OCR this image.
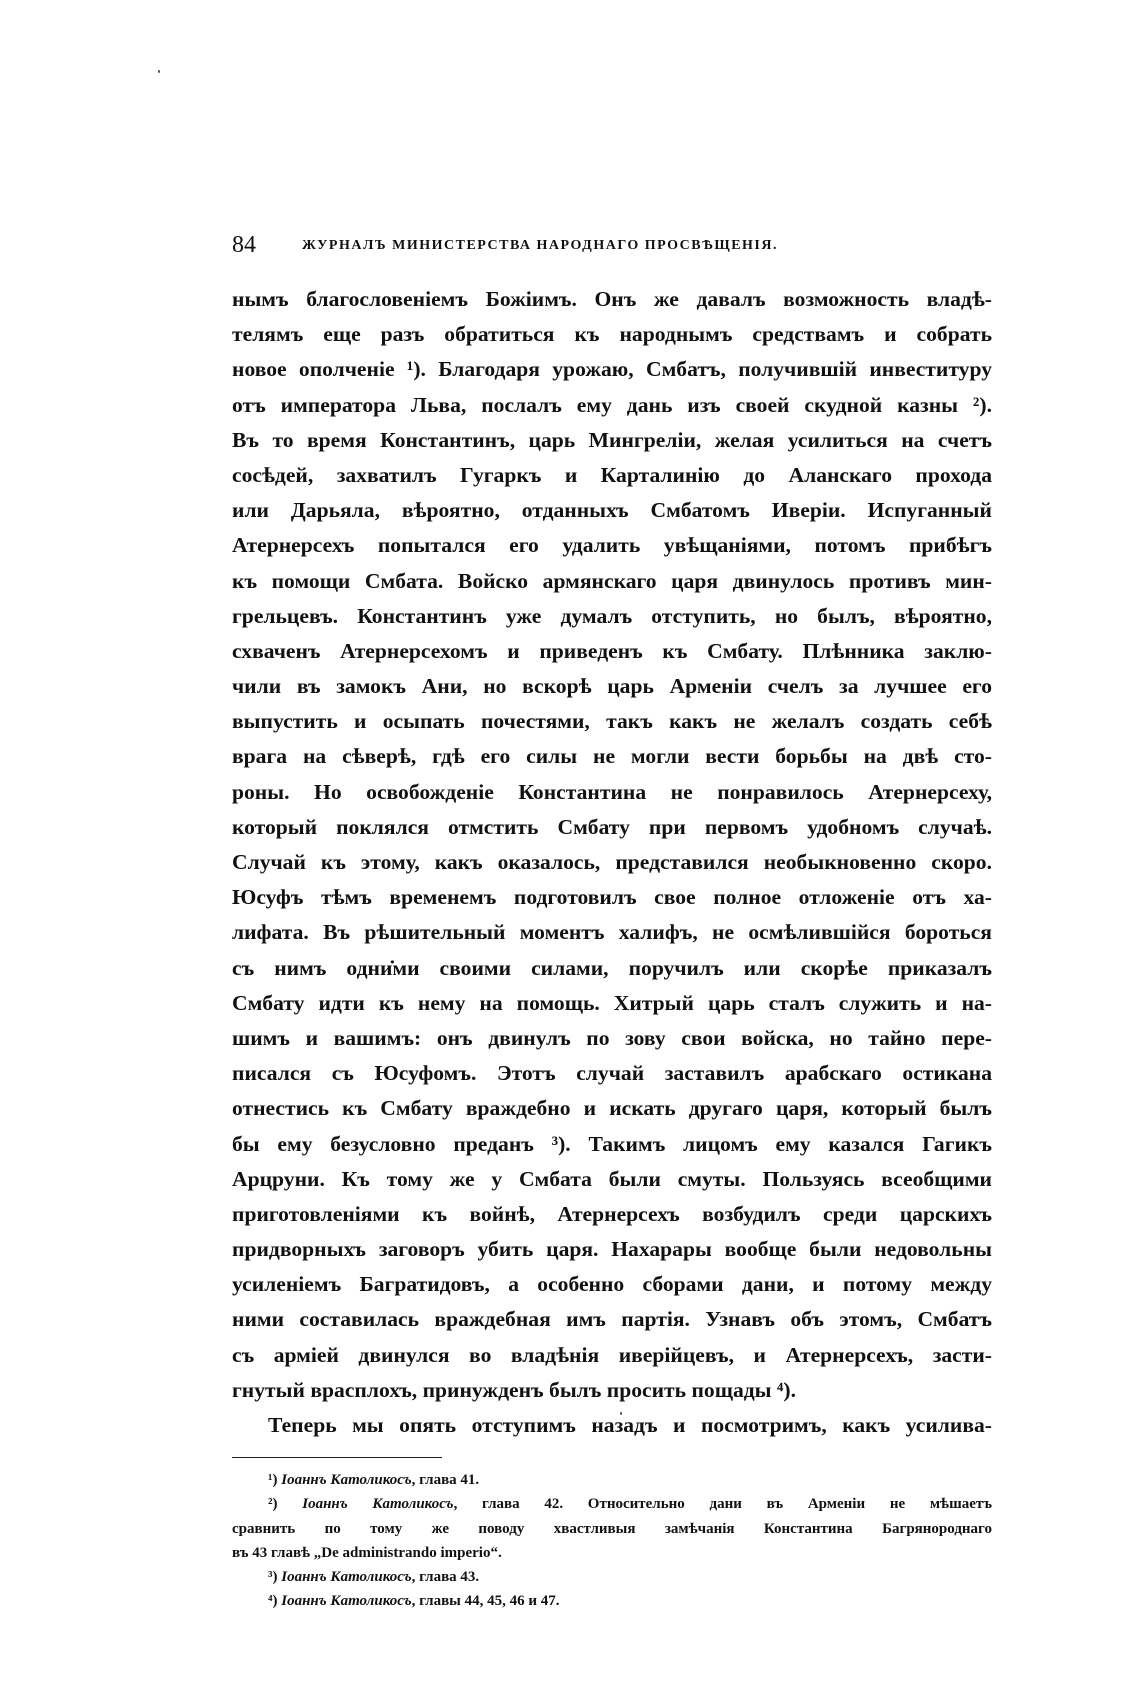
84	ЖУРНАЛЪ МИНИСТЕРСТВА НАРОДНАГО ПРОСВѢЩЕНІЯ.
нымъ благословеніемъ Божіимъ. Онъ же давалъ возможность владѣ-
телямъ еще разъ обратиться къ народнымъ средствамъ и собрать
новое ополченіе ¹). Благодаря урожаю, Смбатъ, получившій инвеституру
отъ императора Льва, послалъ ему дань изъ своей скудной казны ²).
Въ то время Константинъ, царь Мингреліи, желая усилиться на счетъ
сосѣдей, захватилъ Гугаркъ и Карталинію до Аланскаго прохода
или Дарьяла, вѣроятно, отданныхъ Смбатомъ Иверіи. Испуганный
Атернерсехъ попытался его удалить увѣщаніями, потомъ прибѣгъ
къ помощи Смбата. Войско армянскаго царя двинулось противъ мин-
грельцевъ. Константинъ уже думалъ отступить, но былъ, вѣроятно,
схваченъ Атернерсехомъ и приведенъ къ Смбату. Плѣнника заклю-
чили въ замокъ Ани, но вскорѣ царь Арменіи счелъ за лучшее его
выпустить и осыпать почестями, такъ какъ не желалъ создать себѣ
врага на сѣверѣ, гдѣ его силы не могли вести борьбы на двѣ сто-
роны. Но освобожденіе Константина не понравилось Атернерсеху,
который поклялся отмстить Смбату при первомъ удобномъ случаѣ.
Случай къ этому, какъ оказалось, представился необыкновенно скоро.
Юсуфъ тѣмъ временемъ подготовилъ свое полное отложеніе отъ ха-
лифата. Въ рѣшительный моментъ халифъ, не осмѣлившійся бороться
съ нимъ одни̇ми своими силами, поручилъ или скорѣе приказалъ
Смбату идти къ нему на помощь. Хитрый царь сталъ служить и на-
шимъ и вашимъ: онъ двинулъ по зову свои войска, но тайно пере-
писался съ Юсуфомъ. Этотъ случай заставилъ арабскаго остикана
отнестись къ Смбату враждебно и искать другаго царя, который былъ
бы ему безусловно преданъ ³). Такимъ лицомъ ему казался Гагикъ
Арцруни. Къ тому же у Смбата были смуты. Пользуясь всеобщими
приготовленіями къ войнѣ, Атернерсехъ возбудилъ среди царскихъ
придворныхъ заговоръ убить царя. Нахарары вообще были недовольны
усиленіемъ Багратидовъ, а особенно сборами дани, и потому между
ними составилась враждебная имъ партія. Узнавъ объ этомъ, Смбатъ
съ арміей двинулся во владѣнія иверійцевъ, и Атернерсехъ, засти-
гнутый врасплохъ, принужденъ былъ просить пощады ⁴).
Теперь мы опять отступимъ назадъ и посмотримъ, какъ усилива-
¹) Іоаннъ Католикосъ, глава 41.
²) Іоаннъ Католикосъ, глава 42. Относительно дани въ Арменіи не мѣшаетъ
сравнить по тому же поводу хвастливыя замѣчанія Константина Багрянороднаго
въ 43 главѣ „De administrando imperio“.
³) Іоаннъ Католикосъ, глава 43.
⁴) Іоаннъ Католикосъ, главы 44, 45, 46 и 47.
